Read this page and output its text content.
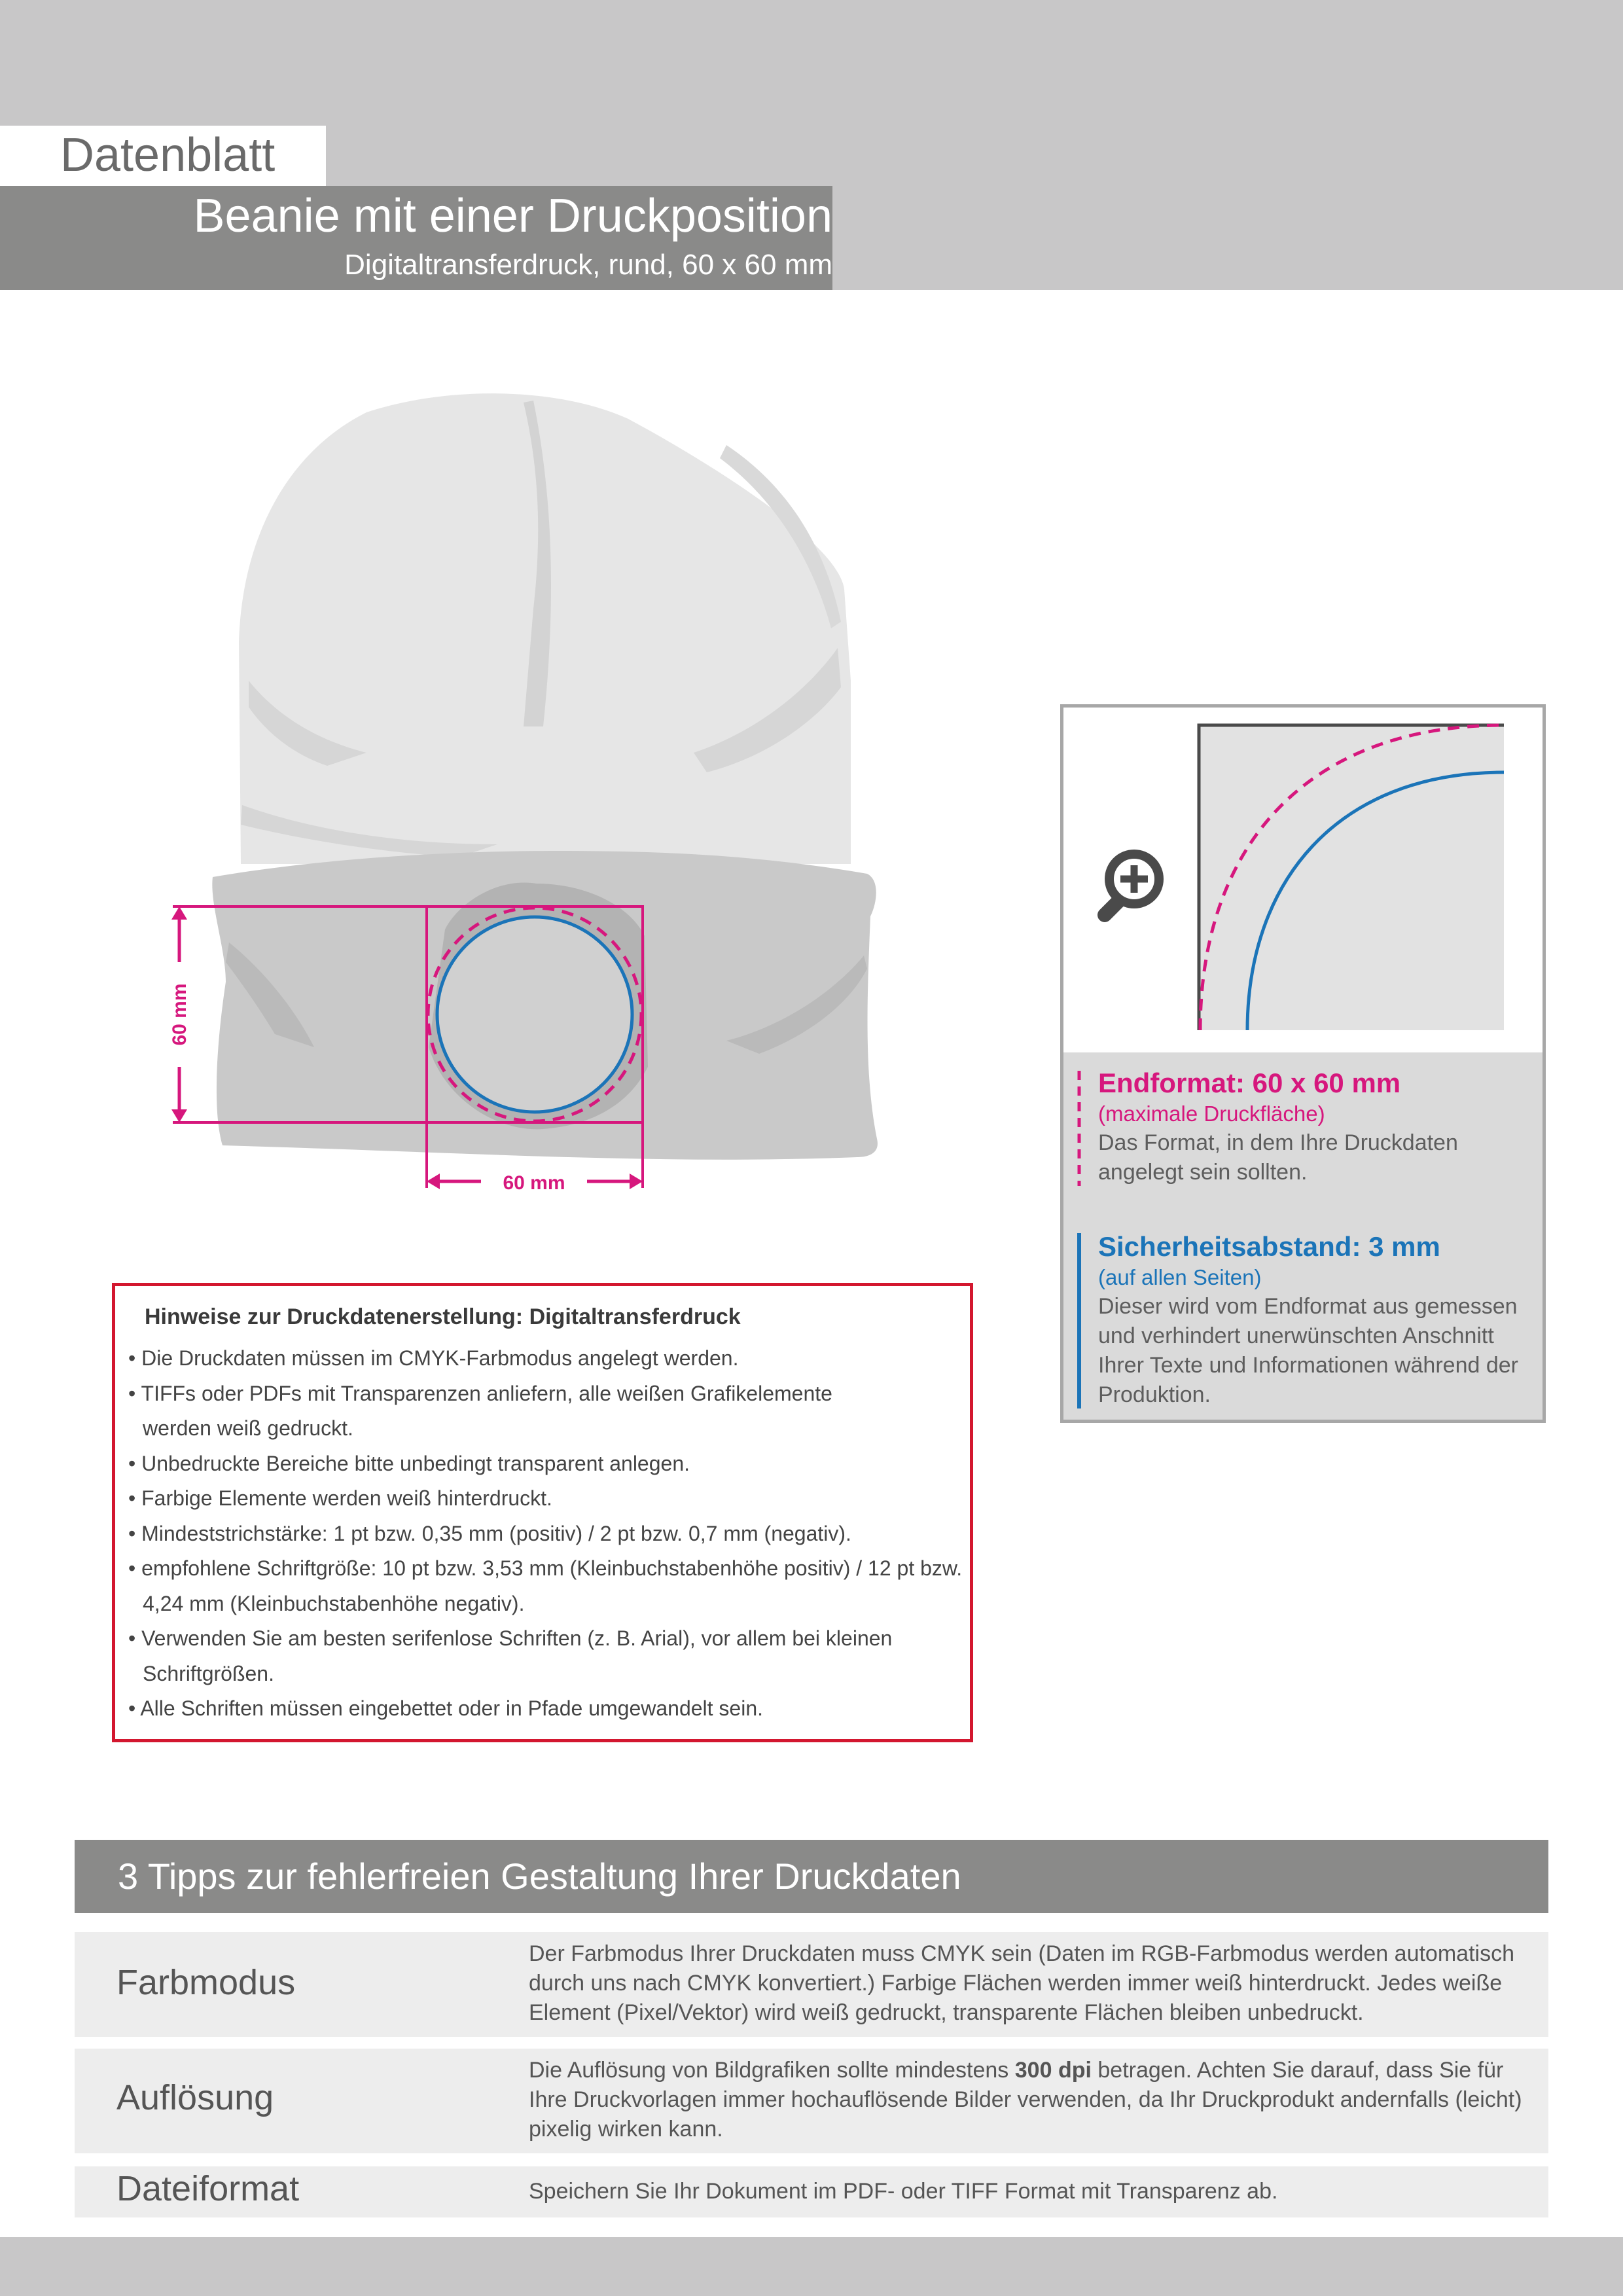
Datenblatt
Beanie mit einer Druckposition
Digitaltransferdruck, rund, 60 x 60 mm
60 mm
60 mm
Endformat: 60 x 60 mm
(maximale Druckfläche)
Das Format, in dem Ihre Druckdaten angelegt sein sollten.
Sicherheitsabstand: 3 mm
(auf allen Seiten)
Dieser wird vom Endformat aus gemessen und verhindert unerwünschten Anschnitt Ihrer Texte und Informationen während der Produktion.
Hinweise zur Druckdatenerstellung: Digitaltransferdruck
• Die Druckdaten müssen im CMYK-Farbmodus angelegt werden.
• TIFFs oder PDFs mit Transparenzen anliefern, alle weißen Grafikelemente werden weiß gedruckt.
• Unbedruckte Bereiche bitte unbedingt transparent anlegen.
• Farbige Elemente werden weiß hinterdruckt.
• Mindeststrichstärke: 1 pt bzw. 0,35 mm (positiv) / 2 pt bzw. 0,7 mm (negativ).
• empfohlene Schriftgröße: 10 pt bzw. 3,53 mm (Kleinbuchstabenhöhe positiv) / 12 pt bzw. 4,24 mm (Kleinbuchstabenhöhe negativ).
• Verwenden Sie am besten serifenlose Schriften (z. B. Arial), vor allem bei kleinen Schriftgrößen.
• Alle Schriften müssen eingebettet oder in Pfade umgewandelt sein.
3 Tipps zur fehlerfreien Gestaltung Ihrer Druckdaten
Farbmodus
Der Farbmodus Ihrer Druckdaten muss CMYK sein (Daten im RGB-Farbmodus werden automatisch durch uns nach CMYK konvertiert.) Farbige Flächen werden immer weiß hinterdruckt. Jedes weiße Element (Pixel/Vektor) wird weiß gedruckt, transparente Flächen bleiben unbedruckt.
Auflösung
Die Auflösung von Bildgrafiken sollte mindestens 300 dpi betragen. Achten Sie darauf, dass Sie für Ihre Druckvorlagen immer hochauflösende Bilder verwenden, da Ihr Druckprodukt andernfalls (leicht) pixelig wirken kann.
Dateiformat	Speichern Sie Ihr Dokument im PDF- oder TIFF Format mit Transparenz ab.
